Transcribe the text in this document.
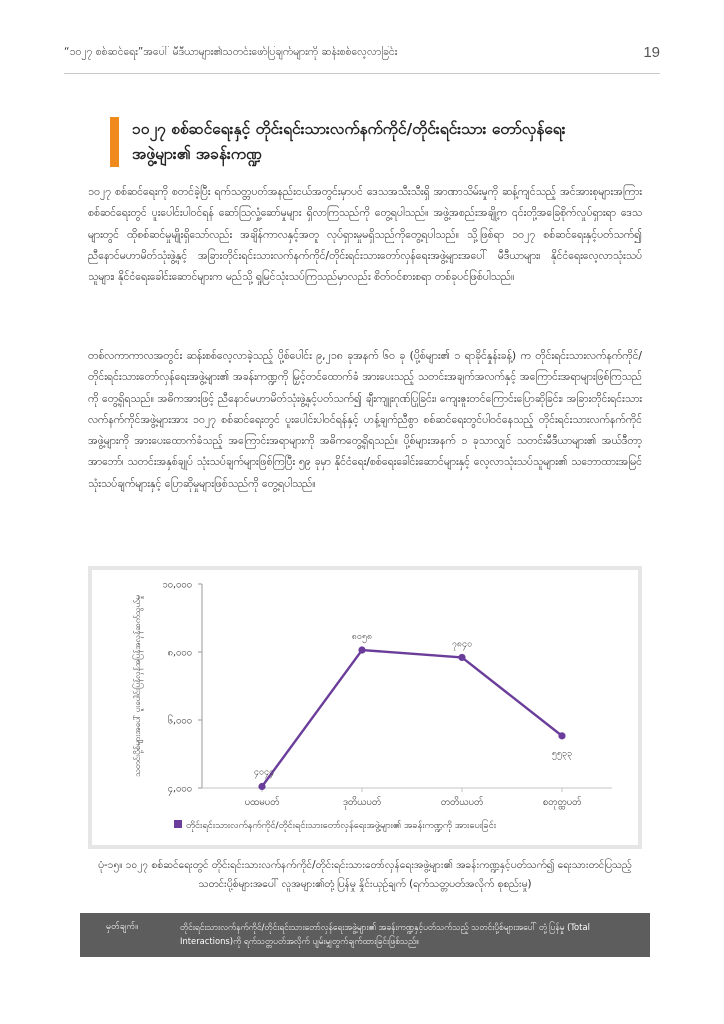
“၁၀၂၇ စစ်ဆင်ရေး”အပေါ် မီဒီယာများ၏သတင်းဖော်ပြချက်များကို ဆန်းစစ်လေ့လာခြင်း	19
၁၀၂၇ စစ်ဆင်ရေးနှင့် တိုင်းရင်းသားလက်နက်ကိုင်/တိုင်းရင်းသား တော်လှန်ရေးအဖွဲ့များ၏ အခန်းကဏ္ဍ

၁၀၂၇ စစ်ဆင်ရေးကို စတင်ခဲ့ပြီး ရက်သတ္တပတ်အနည်းငယ်အတွင်းမှာပင် ဒေသအသီးသီးရှိ အာဏာသိမ်းမှုကို ဆန့်ကျင်သည့် အင်အားစုများအကြား စစ်ဆင်ရေးတွင် ပူးပေါင်းပါဝင်ရန် ဆော်ဩလှုံ့ဆော်မှုများ ရှိလာကြသည်ကို တွေ့ရပါသည်။ အဖွဲ့အစည်းအချို့က ၎င်းတို့အခြေစိုက်လှုပ်ရှားရာ ဒေသများတွင် ထိုစစ်ဆင်မှုမျိုးရှိသော်လည်း အချိန်ကာလနှင့်အတူ လုပ်ရှားမှုမရှိသည်ကိုတွေ့ရပါသည်။ သို့ဖြစ်ရာ ၁၀၂၇ စစ်ဆင်ရေးနှင့်ပတ်သက်၍ ညီနောင်မဟာမိတ်သုံးဖွဲ့နှင့် အခြားတိုင်းရင်းသားလက်နက်ကိုင်/တိုင်းရင်းသားတော်လှန်ရေးအဖွဲ့များအပေါ် မီဒီယာများ၊ နိုင်ငံရေးလေ့လာသုံးသပ်သူများ၊ နိုင်ငံရေးခေါင်းဆောင်များက မည်သို့ ရှုမြင်သုံးသပ်ကြသည်မှာလည်း စိတ်ဝင်စားစရာ တစ်ခုပင်ဖြစ်ပါသည်။

တစ်လကာကာလအတွင်း ဆန်းစစ်လေ့လာခဲ့သည့် ပို့စ်ပေါင်း ၉,၂၁၈ ခုအနက် ၆၀ ခု (ပို့စ်များ၏ ၁ ရာခိုင်နှုန်းခန့်) က တိုင်းရင်းသားလက်နက်ကိုင်/တိုင်းရင်းသားတော်လှန်ရေးအဖွဲ့များ၏ အခန်းကဏ္ဍကို မြှင့်တင်ထောက်ခံ အားပေးသည့် သတင်းအချက်အလက်နှင့် အကြောင်းအရာများဖြစ်ကြသည်ကို တွေ့ရှိရသည်။ အဓိကအားဖြင့် ညီနောင်မဟာမိတ်သုံးဖွဲ့နှင့်ပတ်သက်၍ ချီးကျူးဂုဏ်ပြုခြင်း၊ ကျေးဇူးတင်ကြောင်းပြောဆိုခြင်း၊ အခြားတိုင်းရင်းသား လက်နက်ကိုင်အဖွဲ့များအား ၁၀၂၇ စစ်ဆင်ရေးတွင် ပူးပေါင်းပါဝင်ရန်နှင့် ဟန့်ချက်ညီစွာ စစ်ဆင်ရေးတွင်ပါဝင်နေသည့် တိုင်းရင်းသားလက်နက်ကိုင်အဖွဲ့များကို အားပေးထောက်ခံသည့် အကြောင်းအရာများကို အဓိကတွေ့ရှိရသည်။ ပို့စ်များအနက် ၁ ခုသာလျှင် သတင်းမီဒီယာများ၏ အယ်ဒီတာ့အာဘော်၊ သတင်းအနှစ်ချုပ် သုံးသပ်ချက်များဖြစ်ကြပြီး ၅၉ ခုမှာ နိုင်ငံရေး/စစ်ရေးခေါင်းဆောင်များနှင့် လေ့လာသုံးသပ်သူများ၏ သဘောထားအမြင် သုံးသပ်ချက်များနှင့် ပြောဆိုမှုများဖြစ်သည်ကို တွေ့ရပါသည်။

၄,၀၀၀
၆,၀၀၀
၈,၀၀၀
၁၀,၀၀၀
ပထမပတ်	ဒုတိယပတ်	တတိယပတ်	စတုတ္ထပတ်
၄၀၄၄
၈၀၅၈
၇၈၄၀
၅၅၃၃
သတင်းပို့စ်များအပေါ် ပူးပေါင်းပြန်လှန်အပြန်အလှန်ဆက်သွယ်မှု
တိုင်းရင်းသားလက်နက်ကိုင်/တိုင်းရင်းသားတော်လှန်ရေးအဖွဲ့များ၏ အခန်းကဏ္ဍကို အားပေးခြင်း
ပုံ-၁၅။ ၁၀၂၇ စစ်ဆင်ရေးတွင် တိုင်းရင်းသားလက်နက်ကိုင်/တိုင်းရင်းသားတော်လှန်ရေးအဖွဲ့များ၏ အခန်းကဏ္ဍနှင့်ပတ်သက်၍ ရေးသားတင်ပြသည့် သတင်းပို့စ်များအပေါ် လူအများ၏တုံ့ပြန်မှု နှိုင်းယှဉ်ချက် (ရက်သတ္တပတ်အလိုက် စုစည်းမှု)
မှတ်ချက်။	တိုင်းရင်းသားလက်နက်ကိုင်/တိုင်းရင်းသားတော်လှန်ရေးအဖွဲ့များ၏ အခန်းကဏ္ဍနှင့်ပတ်သက်သည့် သတင်းပို့စ်များအပေါ် တုံ့ပြန်မှု (Total Interactions)ကို ရက်သတ္တပတ်အလိုက် ပျမ်းမျှတွက်ချက်ထားခြင်းဖြစ်သည်။
